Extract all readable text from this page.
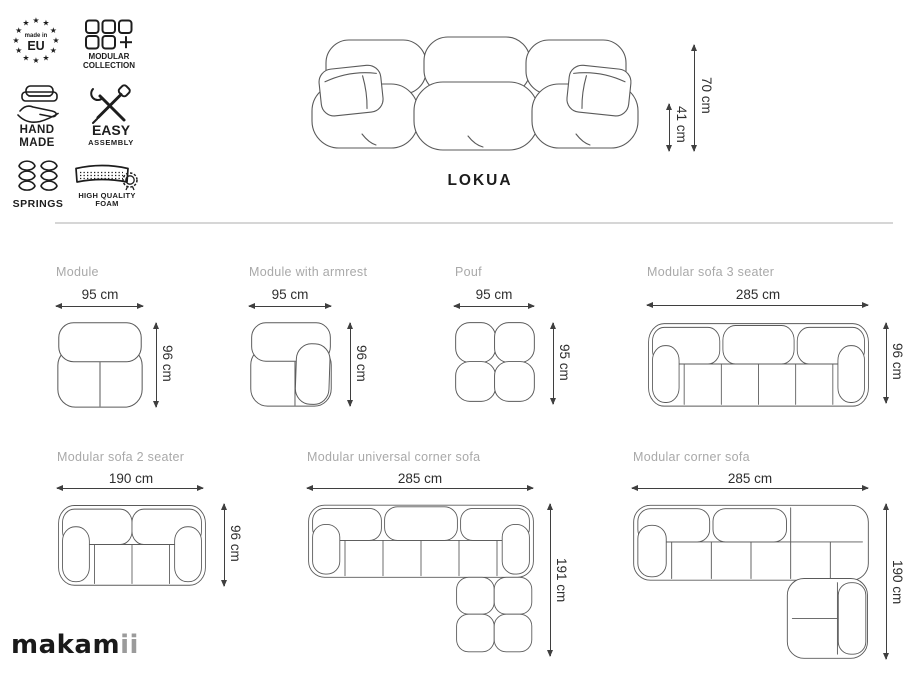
★ ★
★
★
★
★
★
★
★
★
★
★
made in
EU
MODULAR
COLLECTION
HAND
MADE
EASY
ASSEMBLY
SPRINGS
HIGH QUALITY
FOAM
70 cm
41 cm
LOKUA
Module
95 cm
96 cm
Module with armrest
95 cm
96 cm
Pouf
95 cm
95 cm
Modular sofa 3 seater
285 cm
96 cm
Modular sofa 2 seater
190 cm
96 cm
Modular universal corner sofa
285 cm
191 cm
Modular corner sofa
285 cm
190 cm
makamii
